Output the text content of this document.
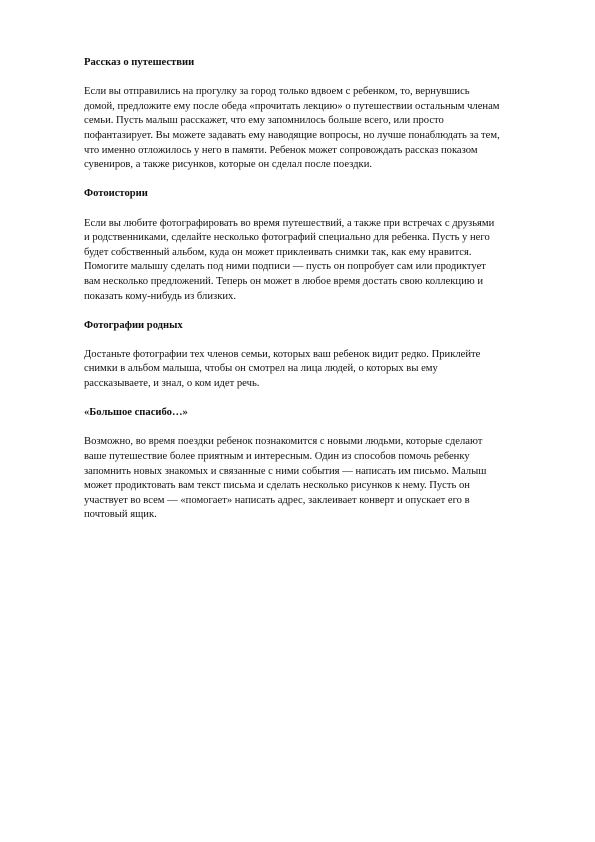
Рассказ о путешествии

Если вы отправились на прогулку за город только вдвоем с ребенком, то, вернувшись
домой, предложите ему после обеда «прочитать лекцию» о путешествии остальным членам
семьи. Пусть малыш расскажет, что ему запомнилось больше всего, или просто
пофантазирует. Вы можете задавать ему наводящие вопросы, но лучше понаблюдать за тем,
что именно отложилось у него в памяти. Ребенок может сопровождать рассказ показом
сувениров, а также рисунков, которые он сделал после поездки.

Фотоистории

Если вы любите фотографировать во время путешествий, а также при встречах с друзьями
и родственниками, сделайте несколько фотографий специально для ребенка. Пусть у него
будет собственный альбом, куда он может приклеивать снимки так, как ему нравится.
Помогите малышу сделать под ними подписи — пусть он попробует сам или продиктует
вам несколько предложений. Теперь он может в любое время достать свою коллекцию и
показать кому-нибудь из близких.

Фотографии родных

Достаньте фотографии тех членов семьи, которых ваш ребенок видит редко. Приклейте
снимки в альбом малыша, чтобы он смотрел на лица людей, о которых вы ему
рассказываете, и знал, о ком идет речь.

«Большое спасибо…»

Возможно, во время поездки ребенок познакомится с новыми людьми, которые сделают
ваше путешествие более приятным и интересным. Один из способов помочь ребенку
запомнить новых знакомых и связанные с ними события — написать им письмо. Малыш
может продиктовать вам текст письма и сделать несколько рисунков к нему. Пусть он
участвует во всем — «помогает» написать адрес, заклеивает конверт и опускает его в
почтовый ящик.
